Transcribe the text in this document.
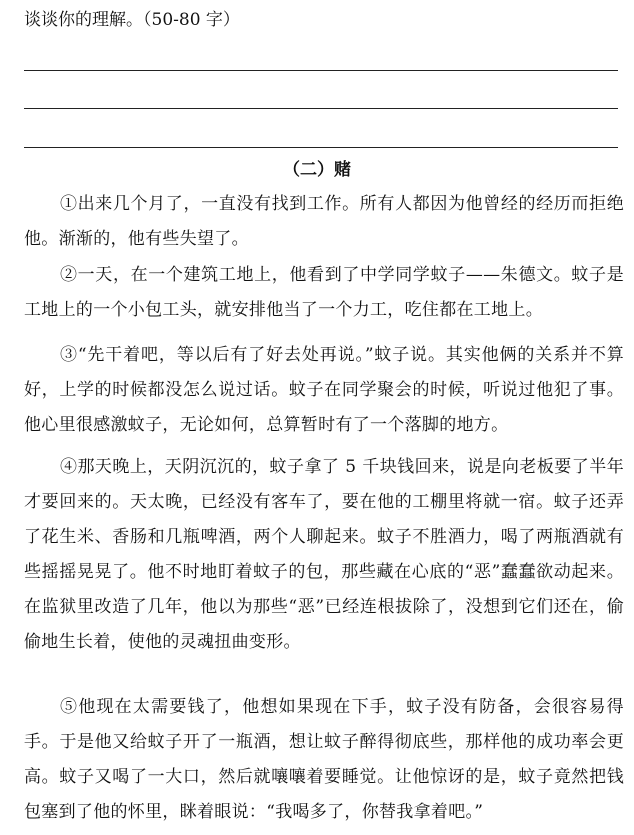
谈谈你的理解。（50-80 字）
（二）赌

①出来几个月了，一直没有找到工作。所有人都因为他曾经的经历而拒绝他。渐渐的，他有些失望了。

②一天，在一个建筑工地上，他看到了中学同学蚊子——朱德文。蚊子是工地上的一个小包工头，就安排他当了一个力工，吃住都在工地上。

③“先干着吧，等以后有了好去处再说。”蚊子说。其实他俩的关系并不算好，上学的时候都没怎么说过话。蚊子在同学聚会的时候，听说过他犯了事。他心里很感激蚊子，无论如何，总算暂时有了一个落脚的地方。

④那天晚上，天阴沉沉的，蚊子拿了 5 千块钱回来，说是向老板要了半年才要回来的。天太晚，已经没有客车了，要在他的工棚里将就一宿。蚊子还弄了花生米、香肠和几瓶啤酒，两个人聊起来。蚊子不胜酒力，喝了两瓶酒就有些摇摇晃晃了。他不时地盯着蚊子的包，那些藏在心底的“恶”蠢蠢欲动起来。在监狱里改造了几年，他以为那些“恶”已经连根拔除了，没想到它们还在，偷偷地生长着，使他的灵魂扭曲变形。

⑤他现在太需要钱了，他想如果现在下手，蚊子没有防备，会很容易得手。于是他又给蚊子开了一瓶酒，想让蚊子醉得彻底些，那样他的成功率会更高。蚊子又喝了一大口，然后就嚷嚷着要睡觉。让他惊讶的是，蚊子竟然把钱包塞到了他的怀里，眯着眼说：“我喝多了，你替我拿着吧。”
